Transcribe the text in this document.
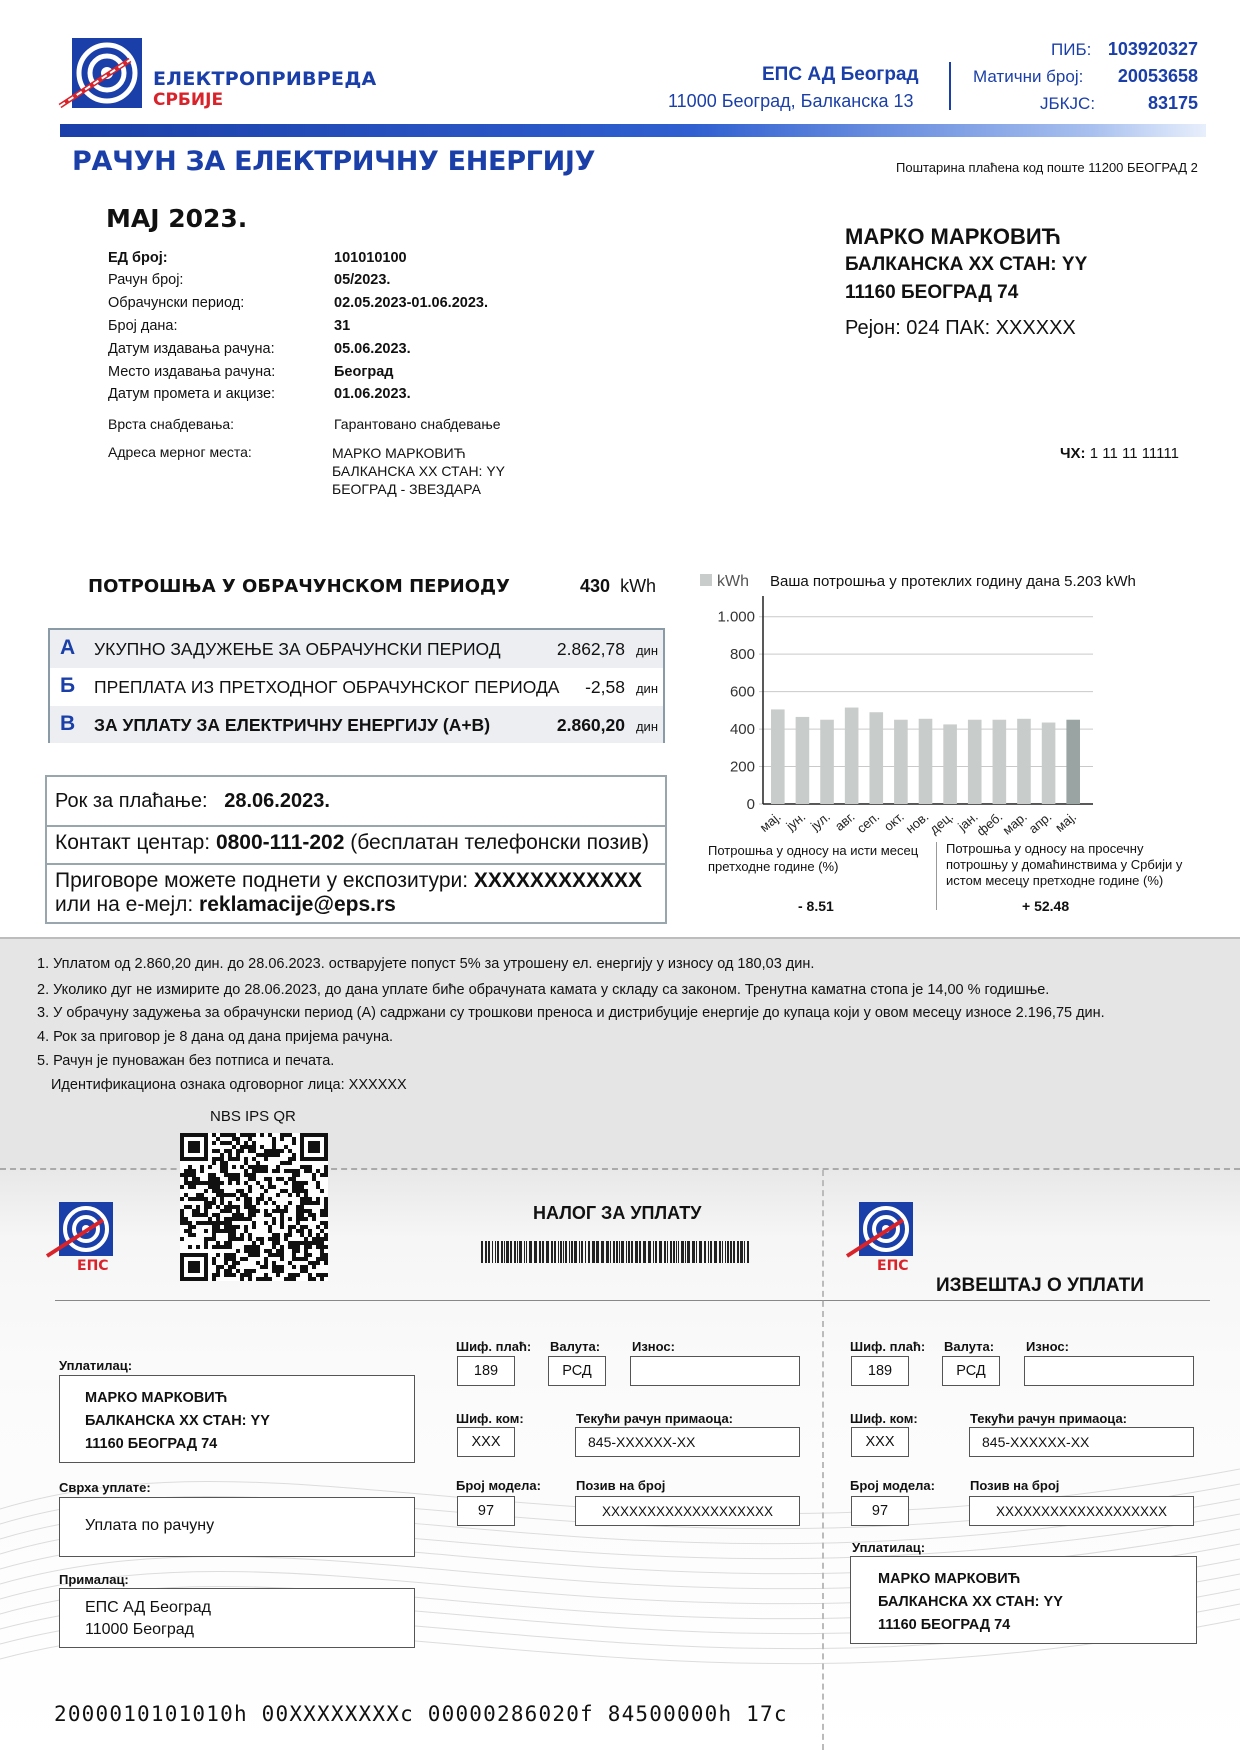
ЕЛЕКТРОПРИВРЕДА
СРБИЈЕ
ЕПС АД Београд
11000 Београд, Балканска 13
ПИБ: 103920327
Матични број: 20053658
ЈБКЈС:	83175
РАЧУН ЗА ЕЛЕКТРИЧНУ ЕНЕРГИЈУ	Поштарина плаћена код поште 11200 БЕОГРАД 2
МАЈ 2023.
ЕД број:	101010100
Рачун број:	05/2023.
Обрачунски период:	02.05.2023-01.06.2023.
Број дана:	31
Датум издавања рачуна:	05.06.2023.
Место издавања рачуна:	Београд
Датум промета и акцизе:	01.06.2023.
Врста снабдевања:	Гарантовано снабдевање
Адреса мерног места:	МАРКО МАРКОВИЋ
БАЛКАНСКА ХХ СТАН: YY
БЕОГРАД - ЗВЕЗДАРА
МАРКО МАРКОВИЋ
БАЛКАНСКА ХХ СТАН: YY
11160 БЕОГРАД 74
Рејон: 024 ПАК: XXXXXX
ЧХ: 1 11 11 11111
ПОТРОШЊА У ОБРАЧУНСКОМ ПЕРИОДУ	430 kWh
А УКУПНО ЗАДУЖЕЊЕ ЗА ОБРАЧУНСКИ ПЕРИОД	2.862,78 дин
Б ПРЕПЛАТА ИЗ ПРЕТХОДНОГ ОБРАЧУНСКОГ ПЕРИОДА -2,58 дин
В ЗА УПЛАТУ ЗА ЕЛЕКТРИЧНУ ЕНЕРГИЈУ (А+В)	2.860,20 дин
Рок за плаћање: 28.06.2023.
Контакт центар: 0800-111-202 (бесплатан телефонски позив)
Приговоре можете поднети у експозитури: XXXXXXXXXXXX
или на е-мејл: reklamacije@eps.rs
kWh Ваша потрошња у протеклих годину дана 5.203 kWh
0
200
400
600
800
1.000
мај. јун. јул.
авг.
сеп.
окт.
нов.
дец.
јан.
феб.
мар.
апр.
мај.
Потрошња у односу на исти месец
претходне године (%)
- 8.51
Потрошња у односу на просечну
потрошњу у домаћинствима у Србији у
истом месецу претходне године (%)
+ 52.48
1. Уплатом од 2.860,20 дин. до 28.06.2023. остварујете попуст 5% за утрошену ел. енергију у износу од 180,03 дин.
2. Уколико дуг не измирите до 28.06.2023, до дана уплате биће обрачуната камата у складу са законом. Тренутна каматна стопа је 14,00 % годишње.
3. У обрачуну задужења за обрачунски период (А) садржани су трошкови преноса и дистрибуције енергије до купаца који у овом месецу износе 2.196,75 дин.
4. Рок за приговор је 8 дана од дана пријема рачуна.
5. Рачун је пуноважан без потписа и печата.
Идентификациона ознака одговорног лица: XXXXXX
NBS IPS QR
ЕПС	ЕПС
НАЛОГ ЗА УПЛАТУ
ИЗВЕШТАЈ О УПЛАТИ
Уплатилац:
МАРКО МАРКОВИЋ
БАЛКАНСКА ХХ СТАН: YY
11160 БЕОГРАД 74
Сврха уплате:
Уплата по рачуну
Прималац:
ЕПС АД Београд
11000 Београд
Шиф. плаћ:
189
Валута:
РСД
Износ:
Шиф. ком:
XXX
Текући рачун примаоца:
845-XXXXXX-XX
Број модела:
97
Позив на број
XXXXXXXXXXXXXXXXXXX
Шиф. плаћ:
189
Валута:
РСД
Износ:
Шиф. ком:
XXX
Текући рачун примаоца:
845-XXXXXX-XX
Број модела:
97
Позив на број
XXXXXXXXXXXXXXXXXXX
Уплатилац:
МАРКО МАРКОВИЋ
БАЛКАНСКА ХХ СТАН: YY
11160 БЕОГРАД 74
2000010101010h 00XXXXXXXXc 00000286020f 84500000h 17c
